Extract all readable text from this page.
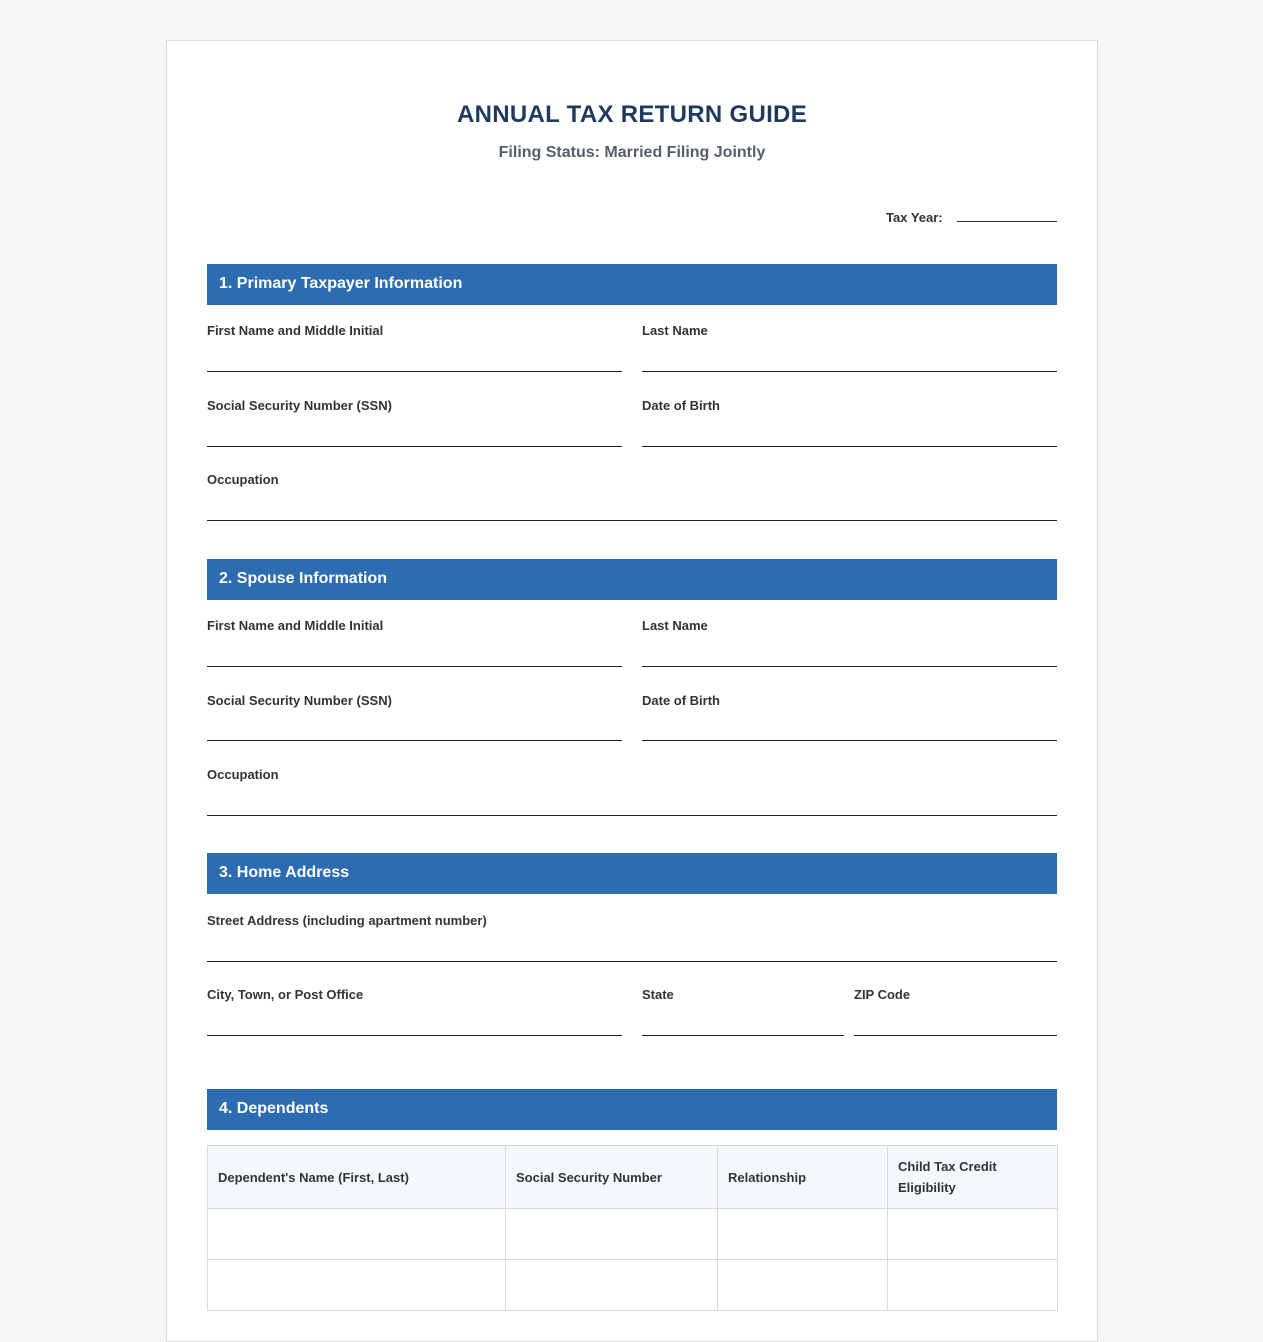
ANNUAL TAX RETURN GUIDE
Filing Status: Married Filing Jointly
Tax Year:
1. Primary Taxpayer Information
First Name and Middle Initial	Last Name
Social Security Number (SSN)	Date of Birth
Occupation
2. Spouse Information
First Name and Middle Initial	Last Name
Social Security Number (SSN)	Date of Birth
Occupation
3. Home Address
Street Address (including apartment number)
City, Town, or Post Office	State	ZIP Code
4. Dependents
Dependent's Name (First, Last)	Social Security Number	Relationship	Child Tax Credit Eligibility
